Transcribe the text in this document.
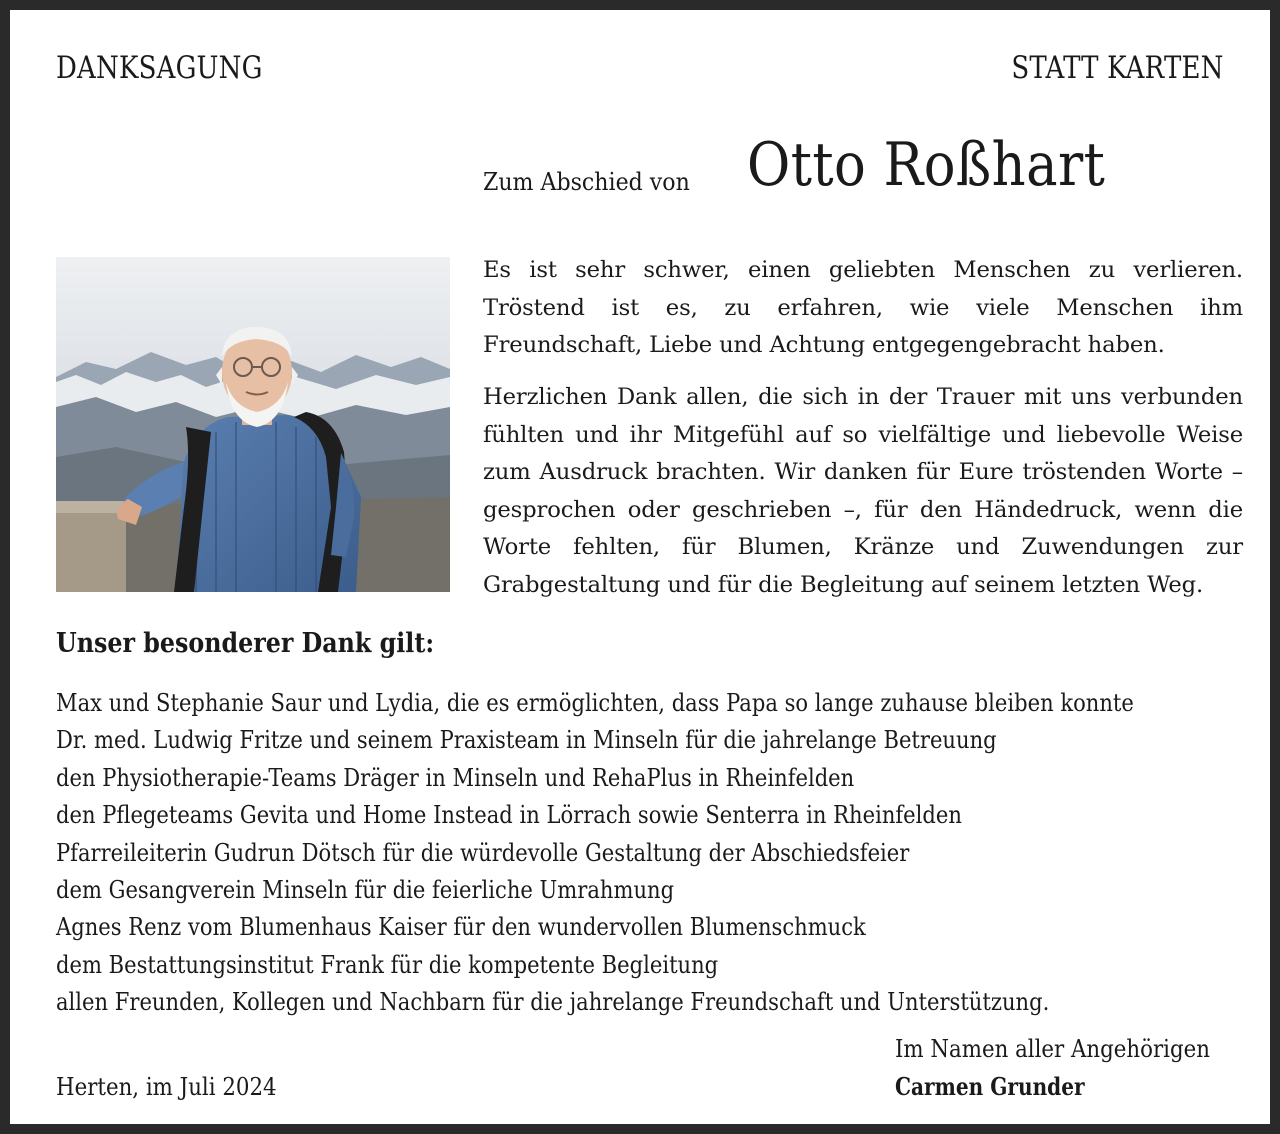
DANKSAGUNG	STATT KARTEN
Zum Abschied von Otto Roßhart
Es ist sehr schwer, einen geliebten Menschen zu verlieren. Tröstend ist es, zu erfahren, wie viele Menschen ihm Freundschaft, Liebe und Achtung entgegengebracht haben.
Herzlichen Dank allen, die sich in der Trauer mit uns verbunden fühlten und ihr Mitgefühl auf so vielfältige und liebevolle Weise zum Ausdruck brachten. Wir danken für Eure tröstenden Worte – gesprochen oder geschrieben –, für den Händedruck, wenn die Worte fehlten, für Blumen, Kränze und Zuwendungen zur Grabgestaltung und für die Begleitung auf seinem letzten Weg.
Unser besonderer Dank gilt:
Max und Stephanie Saur und Lydia, die es ermöglichten, dass Papa so lange zuhause bleiben konnte
Dr. med. Ludwig Fritze und seinem Praxisteam in Minseln für die jahrelange Betreuung
den Physiotherapie-Teams Dräger in Minseln und RehaPlus in Rheinfelden
den Pflegeteams Gevita und Home Instead in Lörrach sowie Senterra in Rheinfelden
Pfarreileiterin Gudrun Dötsch für die würdevolle Gestaltung der Abschiedsfeier
dem Gesangverein Minseln für die feierliche Umrahmung
Agnes Renz vom Blumenhaus Kaiser für den wundervollen Blumenschmuck
dem Bestattungsinstitut Frank für die kompetente Begleitung
allen Freunden, Kollegen und Nachbarn für die jahrelange Freundschaft und Unterstützung.
Im Namen aller Angehörigen
Herten, im Juli 2024	Carmen Grunder
